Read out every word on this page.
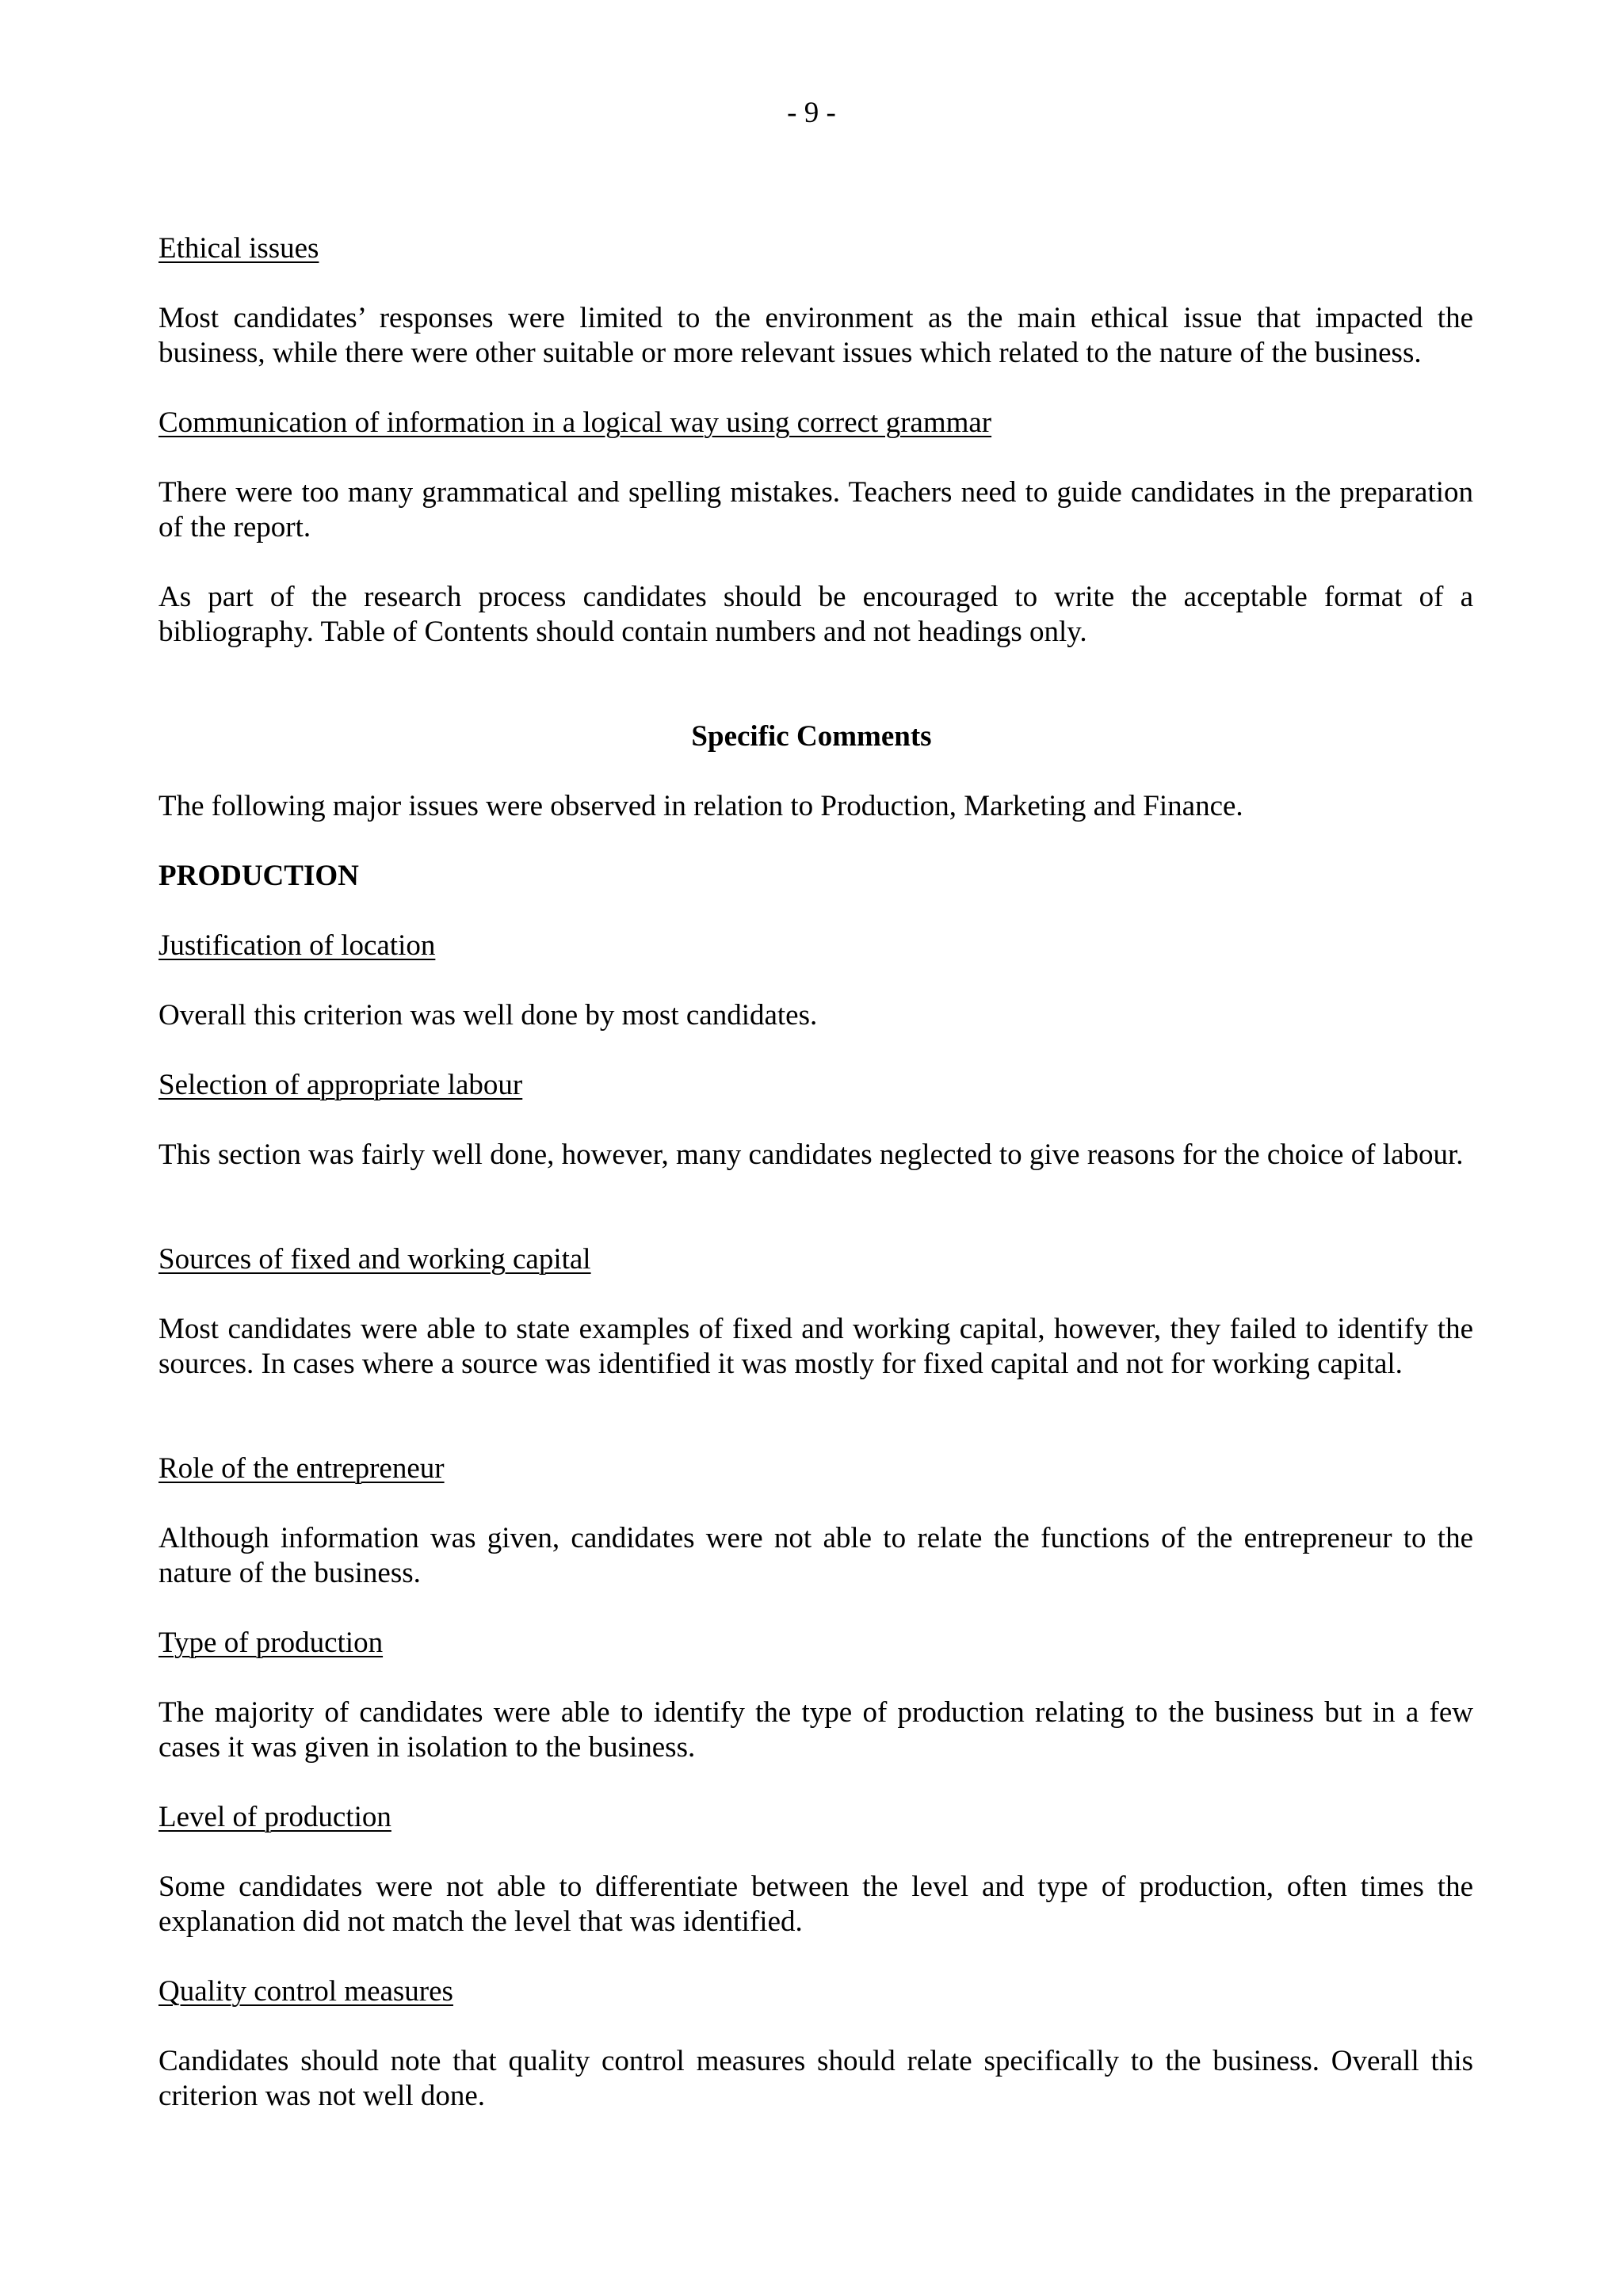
- 9 -

Ethical issues

Most candidates’ responses were limited to the environment as the main ethical issue that impacted the business, while there were other suitable or more relevant issues which related to the nature of the business.

Communication of information in a logical way using correct grammar

There were too many grammatical and spelling mistakes. Teachers need to guide candidates in the preparation of the report.

As part of the research process candidates should be encouraged to write the acceptable format of a bibliography. Table of Contents should contain numbers and not headings only.

Specific Comments

The following major issues were observed in relation to Production, Marketing and Finance.

PRODUCTION

Justification of location

Overall this criterion was well done by most candidates.

Selection of appropriate labour

This section was fairly well done, however, many candidates neglected to give reasons for the choice of labour.

Sources of fixed and working capital

Most candidates were able to state examples of fixed and working capital, however, they failed to identify the sources. In cases where a source was identified it was mostly for fixed capital and not for working capital.

Role of the entrepreneur

Although information was given, candidates were not able to relate the functions of the entrepreneur to the nature of the business.

Type of production

The majority of candidates were able to identify the type of production relating to the business but in a few cases it was given in isolation to the business.

Level of production

Some candidates were not able to differentiate between the level and type of production, often times the explanation did not match the level that was identified.

Quality control measures

Candidates should note that quality control measures should relate specifically to the business. Overall this criterion was not well done.
